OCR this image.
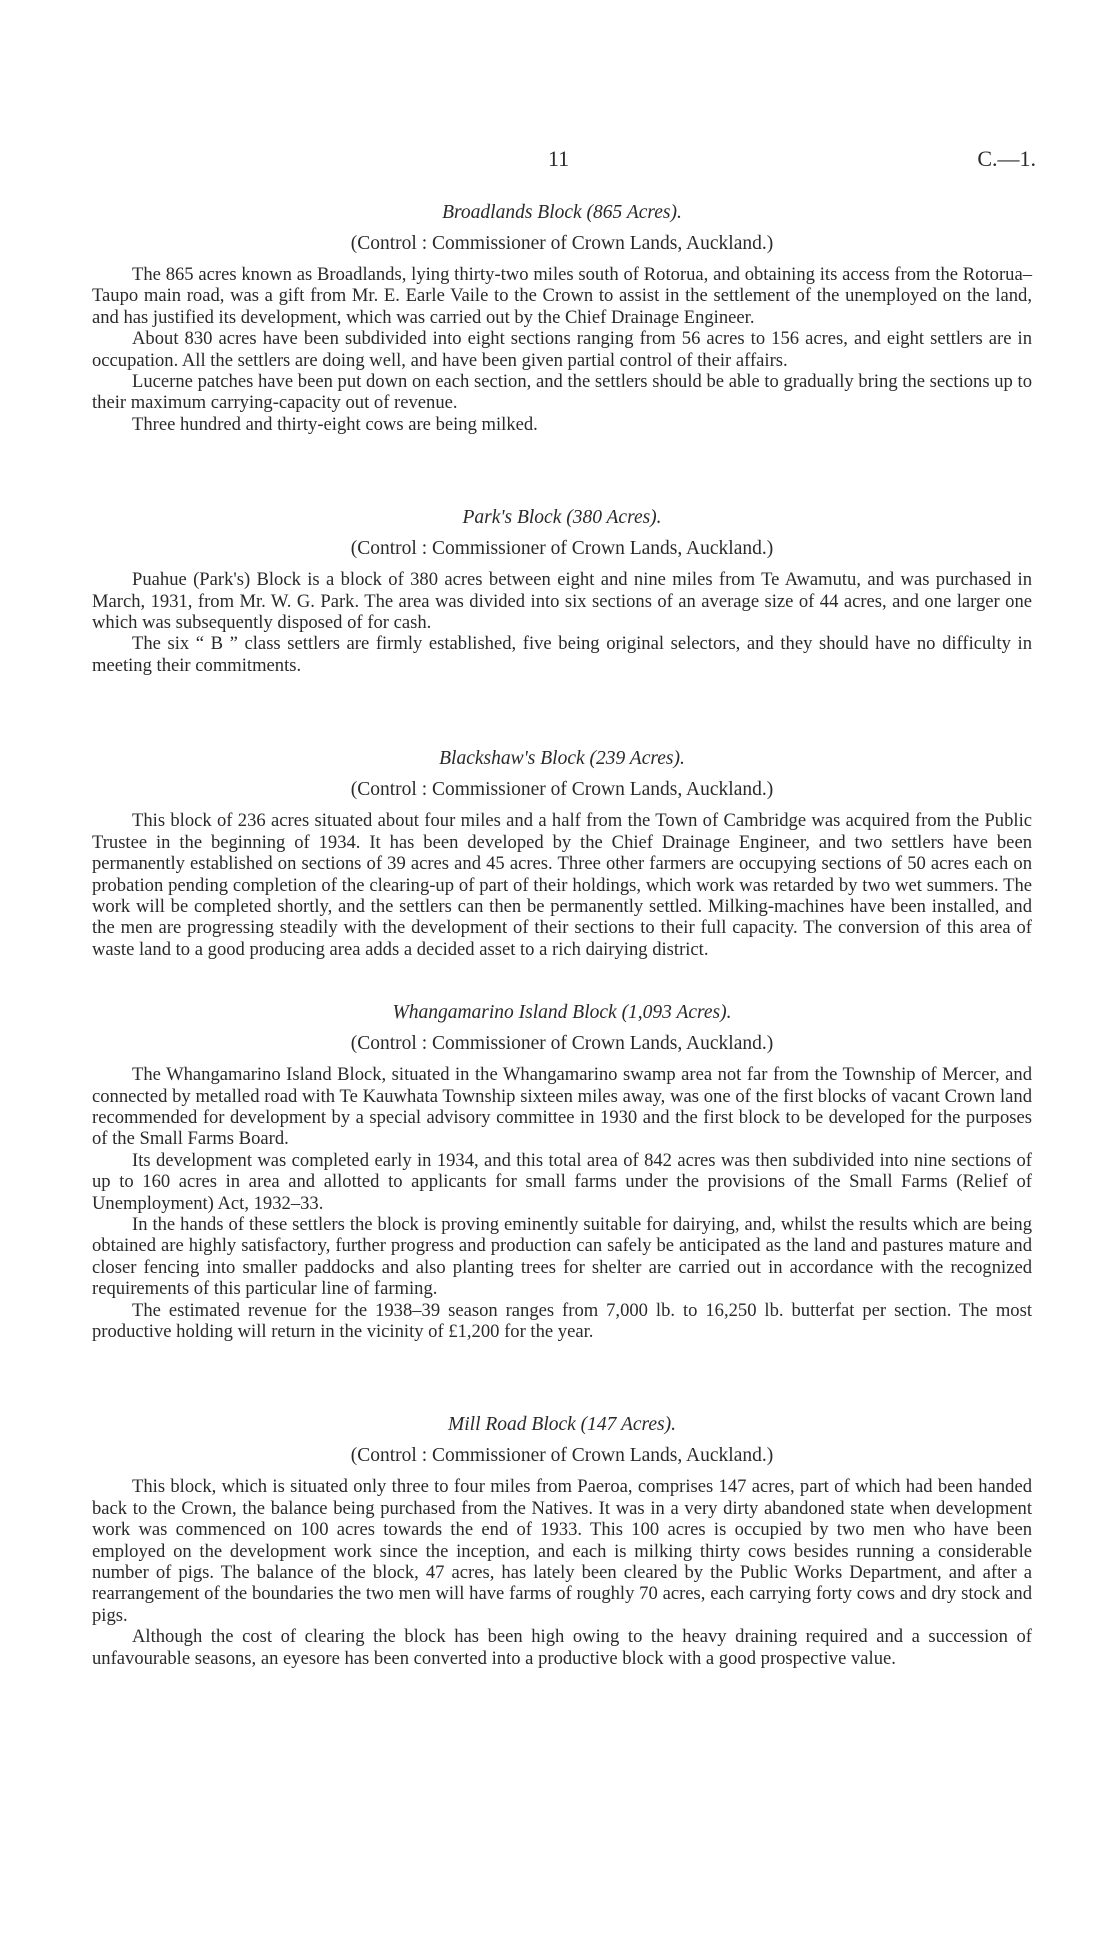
11	C.—1.

Broadlands Block (865 Acres).

(Control : Commissioner of Crown Lands, Auckland.)

The 865 acres known as Broadlands, lying thirty-two miles south of Rotorua, and obtaining its access from the Rotorua–Taupo main road, was a gift from Mr. E. Earle Vaile to the Crown to assist in the settlement of the unemployed on the land, and has justified its development, which was carried out by the Chief Drainage Engineer.

About 830 acres have been subdivided into eight sections ranging from 56 acres to 156 acres, and eight settlers are in occupation. All the settlers are doing well, and have been given partial control of their affairs.

Lucerne patches have been put down on each section, and the settlers should be able to gradually bring the sections up to their maximum carrying-capacity out of revenue.

Three hundred and thirty-eight cows are being milked.

Park's Block (380 Acres).

(Control : Commissioner of Crown Lands, Auckland.)

Puahue (Park's) Block is a block of 380 acres between eight and nine miles from Te Awamutu, and was purchased in March, 1931, from Mr. W. G. Park. The area was divided into six sections of an average size of 44 acres, and one larger one which was subsequently disposed of for cash.

The six “ B ” class settlers are firmly established, five being original selectors, and they should have no difficulty in meeting their commitments.

Blackshaw's Block (239 Acres).

(Control : Commissioner of Crown Lands, Auckland.)

This block of 236 acres situated about four miles and a half from the Town of Cambridge was acquired from the Public Trustee in the beginning of 1934. It has been developed by the Chief Drainage Engineer, and two settlers have been permanently established on sections of 39 acres and 45 acres. Three other farmers are occupying sections of 50 acres each on probation pending completion of the clearing-up of part of their holdings, which work was retarded by two wet summers. The work will be completed shortly, and the settlers can then be permanently settled. Milking-machines have been installed, and the men are progressing steadily with the development of their sections to their full capacity. The conversion of this area of waste land to a good producing area adds a decided asset to a rich dairying district.

Whangamarino Island Block (1,093 Acres).

(Control : Commissioner of Crown Lands, Auckland.)

The Whangamarino Island Block, situated in the Whangamarino swamp area not far from the Township of Mercer, and connected by metalled road with Te Kauwhata Township sixteen miles away, was one of the first blocks of vacant Crown land recommended for development by a special advisory committee in 1930 and the first block to be developed for the purposes of the Small Farms Board.

Its development was completed early in 1934, and this total area of 842 acres was then subdivided into nine sections of up to 160 acres in area and allotted to applicants for small farms under the provisions of the Small Farms (Relief of Unemployment) Act, 1932–33.

In the hands of these settlers the block is proving eminently suitable for dairying, and, whilst the results which are being obtained are highly satisfactory, further progress and production can safely be anticipated as the land and pastures mature and closer fencing into smaller paddocks and also planting trees for shelter are carried out in accordance with the recognized requirements of this particular line of farming.

The estimated revenue for the 1938–39 season ranges from 7,000 lb. to 16,250 lb. butterfat per section. The most productive holding will return in the vicinity of £1,200 for the year.

Mill Road Block (147 Acres).

(Control : Commissioner of Crown Lands, Auckland.)

This block, which is situated only three to four miles from Paeroa, comprises 147 acres, part of which had been handed back to the Crown, the balance being purchased from the Natives. It was in a very dirty abandoned state when development work was commenced on 100 acres towards the end of 1933. This 100 acres is occupied by two men who have been employed on the development work since the inception, and each is milking thirty cows besides running a considerable number of pigs. The balance of the block, 47 acres, has lately been cleared by the Public Works Department, and after a rearrangement of the boundaries the two men will have farms of roughly 70 acres, each carrying forty cows and dry stock and pigs.

Although the cost of clearing the block has been high owing to the heavy draining required and a succession of unfavourable seasons, an eyesore has been converted into a productive block with a good prospective value.
